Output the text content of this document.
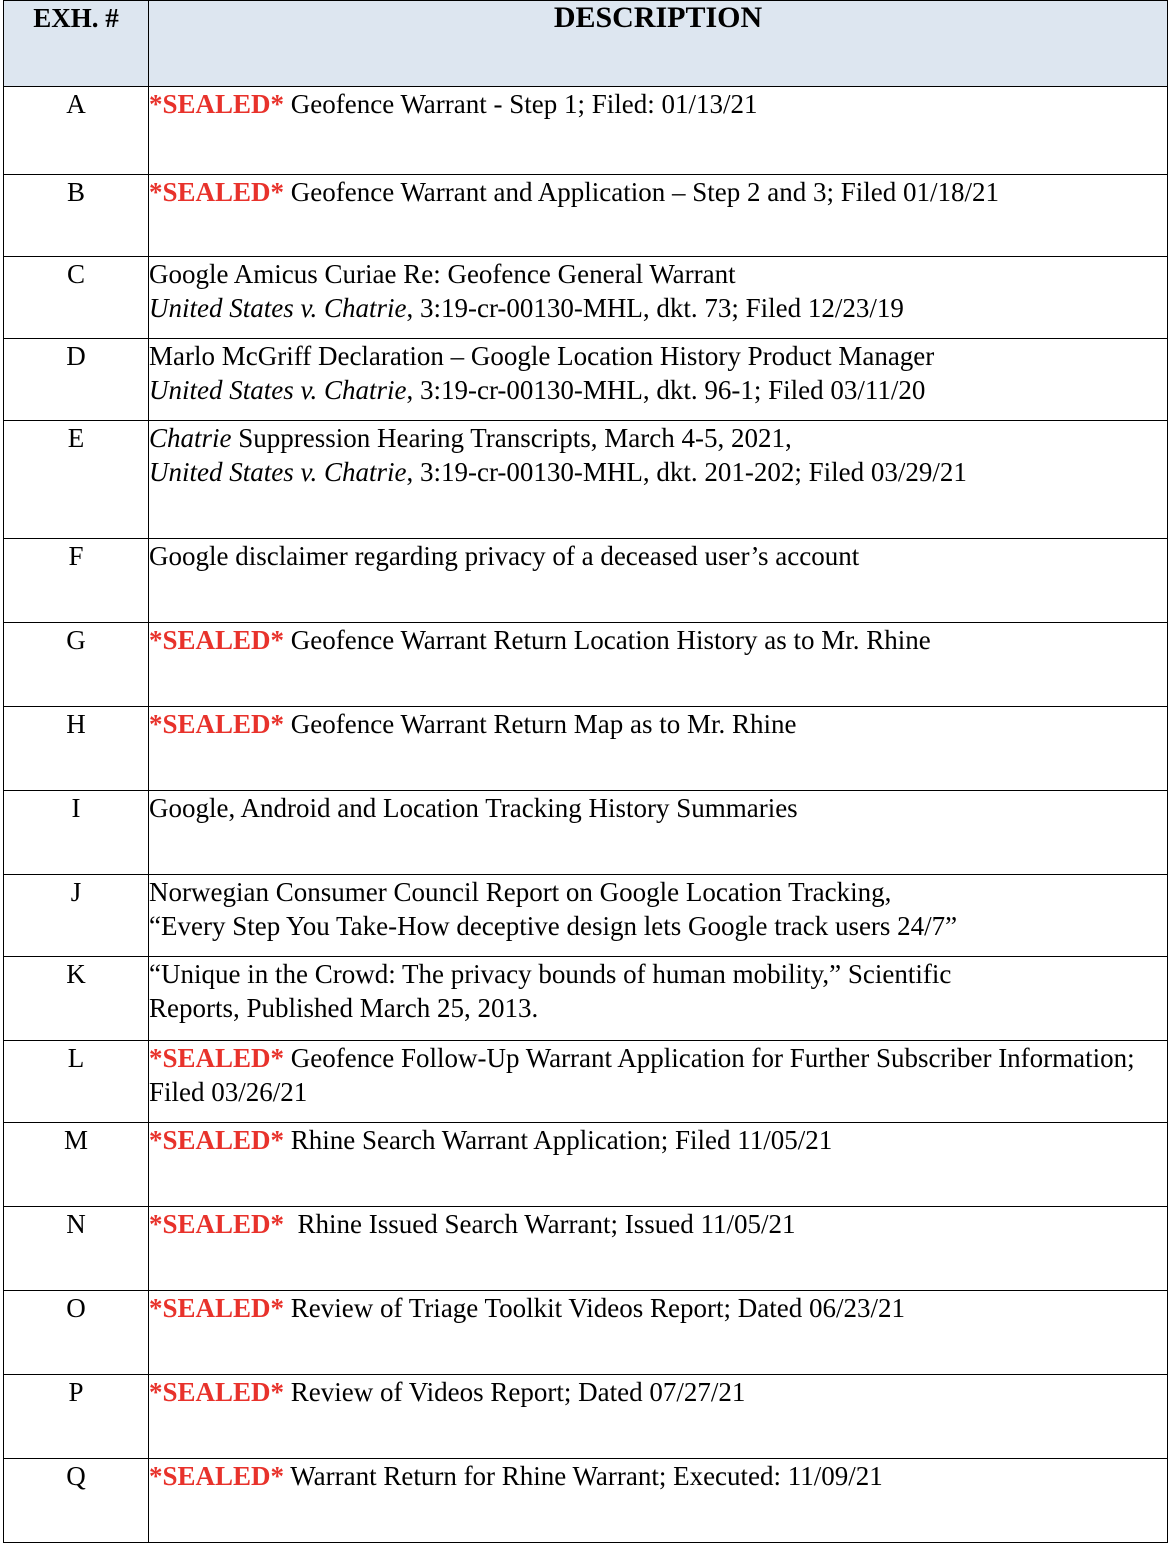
EXH. #	DESCRIPTION
A	*SEALED* Geofence Warrant - Step 1; Filed: 01/13/21
B	*SEALED* Geofence Warrant and Application – Step 2 and 3; Filed 01/18/21
C	Google Amicus Curiae Re: Geofence General Warrant
United States v. Chatrie, 3:19-cr-00130-MHL, dkt. 73; Filed 12/23/19

D	Marlo McGriff Declaration – Google Location History Product Manager
United States v. Chatrie, 3:19-cr-00130-MHL, dkt. 96-1; Filed 03/11/20

E	Chatrie Suppression Hearing Transcripts, March 4-5, 2021,
United States v. Chatrie, 3:19-cr-00130-MHL, dkt. 201-202; Filed 03/29/21

F	Google disclaimer regarding privacy of a deceased user’s account
G	*SEALED* Geofence Warrant Return Location History as to Mr. Rhine
H	*SEALED* Geofence Warrant Return Map as to Mr. Rhine
I	Google, Android and Location Tracking History Summaries
J	Norwegian Consumer Council Report on Google Location Tracking,
“Every Step You Take-How deceptive design lets Google track users 24/7”

K	“Unique in the Crowd: The privacy bounds of human mobility,” Scientific
Reports, Published March 25, 2013.

L	*SEALED* Geofence Follow-Up Warrant Application for Further Subscriber Information; Filed 03/26/21
M	*SEALED* Rhine Search Warrant Application; Filed 11/05/21
N	*SEALED*  Rhine Issued Search Warrant; Issued 11/05/21
O	*SEALED* Review of Triage Toolkit Videos Report; Dated 06/23/21
P	*SEALED* Review of Videos Report; Dated 07/27/21
Q	*SEALED* Warrant Return for Rhine Warrant; Executed: 11/09/21
